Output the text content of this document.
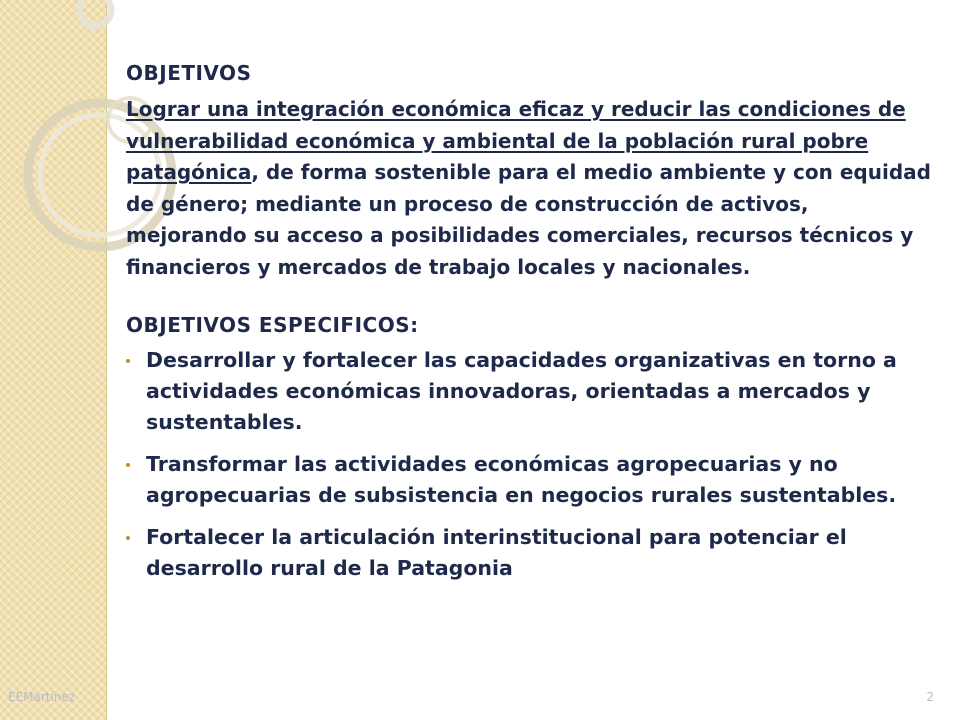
OBJETIVOS

Lograr una integración económica eficaz y reducir las condiciones de vulnerabilidad económica y ambiental de la población rural pobre patagónica, de forma sostenible para el medio ambiente y con equidad de género; mediante un proceso de construcción de activos, mejorando su acceso a posibilidades comerciales, recursos técnicos y financieros y mercados de trabajo locales y nacionales.

OBJETIVOS ESPECIFICOS:

Desarrollar y fortalecer las capacidades organizativas en torno a actividades económicas innovadoras, orientadas a mercados y sustentables.
Transformar las actividades económicas agropecuarias y no agropecuarias de subsistencia en negocios rurales sustentables.
Fortalecer la articulación interinstitucional para potenciar el desarrollo rural de la Patagonia
EEMartínez	2
